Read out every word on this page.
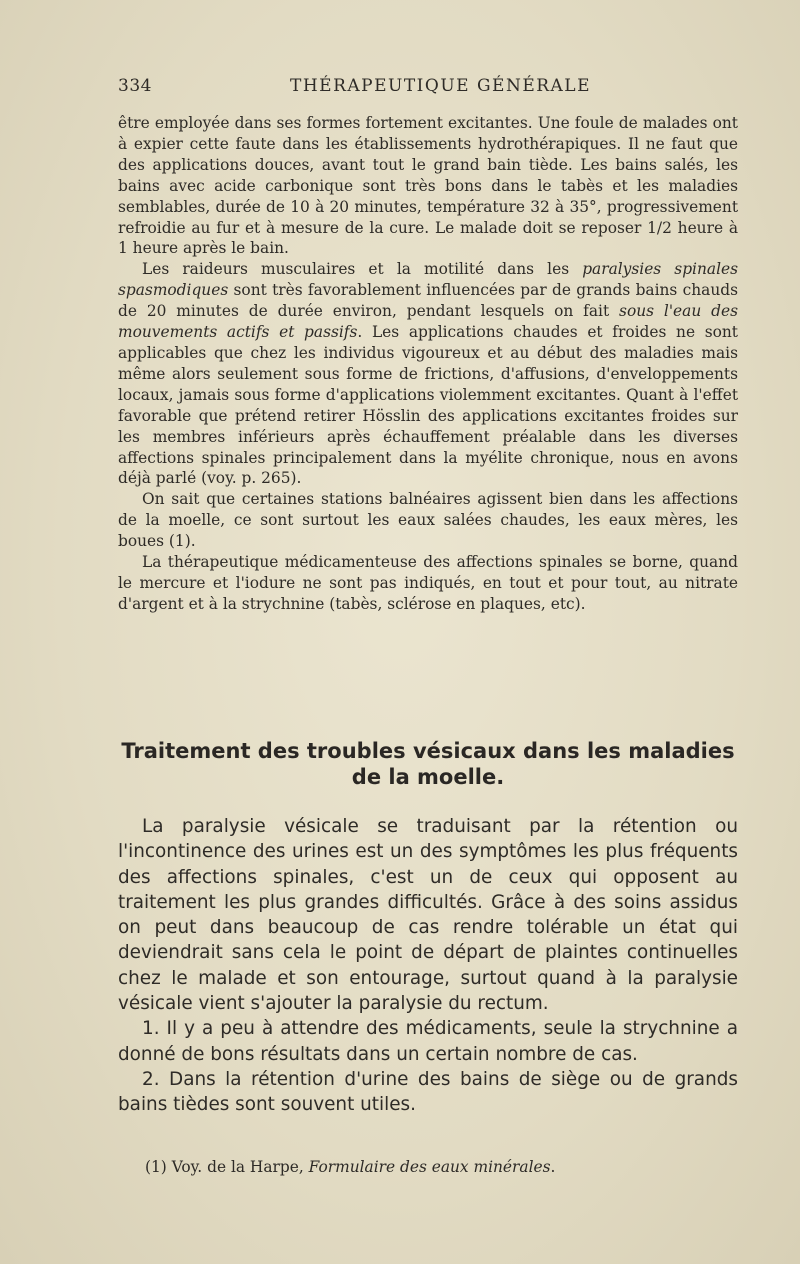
334	THÉRAPEUTIQUE GÉNÉRALE

être employée dans ses formes fortement excitantes. Une foule de malades ont à expier cette faute dans les établissements hydrothérapiques. Il ne faut que des applications douces, avant tout le grand bain tiède. Les bains salés, les bains avec acide carbonique sont très bons dans le tabès et les maladies semblables, durée de 10 à 20 minutes, température 32 à 35°, progressivement refroidie au fur et à mesure de la cure. Le malade doit se reposer 1/2 heure à 1 heure après le bain.

Les raideurs musculaires et la motilité dans les paralysies spinales spasmodiques sont très favorablement influencées par de grands bains chauds de 20 minutes de durée environ, pendant lesquels on fait sous l'eau des mouvements actifs et passifs. Les applications chaudes et froides ne sont applicables que chez les individus vigoureux et au début des maladies mais même alors seulement sous forme de frictions, d'affusions, d'enveloppements locaux, jamais sous forme d'applications violemment excitantes. Quant à l'effet favorable que prétend retirer Hösslin des applications excitantes froides sur les membres inférieurs après échauffement préalable dans les diverses affections spinales principalement dans la myélite chronique, nous en avons déjà parlé (voy. p. 265).

On sait que certaines stations balnéaires agissent bien dans les affections de la moelle, ce sont surtout les eaux salées chaudes, les eaux mères, les boues (1).

La thérapeutique médicamenteuse des affections spinales se borne, quand le mercure et l'iodure ne sont pas indiqués, en tout et pour tout, au nitrate d'argent et à la strychnine (tabès, sclérose en plaques, etc).

Traitement des troubles vésicaux dans les maladies
de la moelle.

La paralysie vésicale se traduisant par la rétention ou l'incontinence des urines est un des symptômes les plus fréquents des affections spinales, c'est un de ceux qui opposent au traitement les plus grandes difficultés. Grâce à des soins assidus on peut dans beaucoup de cas rendre tolérable un état qui deviendrait sans cela le point de départ de plaintes continuelles chez le malade et son entourage, surtout quand à la paralysie vésicale vient s'ajouter la paralysie du rectum.

1. Il y a peu à attendre des médicaments, seule la strychnine a donné de bons résultats dans un certain nombre de cas.

2. Dans la rétention d'urine des bains de siège ou de grands bains tièdes sont souvent utiles.

(1) Voy. de la Harpe, Formulaire des eaux minérales.
